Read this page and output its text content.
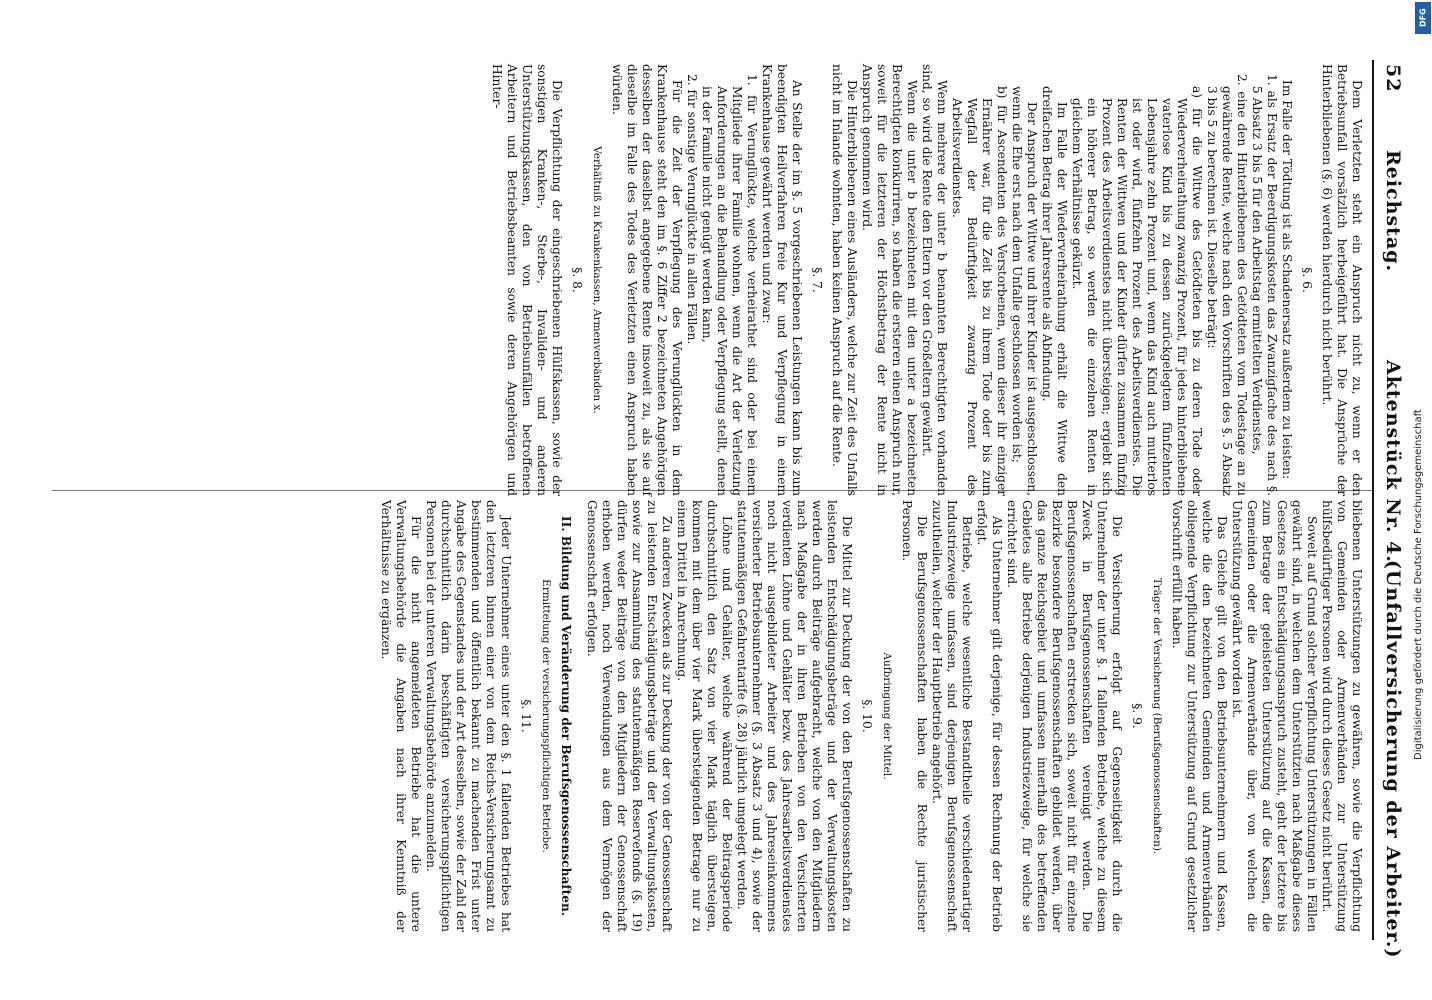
52
Reichstag.
Aktenstück Nr. 4.
(Unfallversicherung der Arbeiter.)

Dem Verletzten steht ein Anspruch nicht zu, wenn er den Betriebsunfall vorsätzlich herbeigeführt hat. Die Ansprüche der Hinterbliebenen (§. 6) werden hierdurch nicht berührt.

§. 6.

Im Falle der Tödtung ist als Schadenersatz außerdem zu leisten:

1. als Ersatz der Beerdigungskosten das Zwanzigfache des nach §. 5 Absatz 3 bis 5 für den Arbeitstag ermittelten Verdienstes,

2. eine den Hinterbliebenen des Getödteten vom Todestage an zu gewährende Rente, welche nach den Vorschriften des §. 5 Absatz 3 bis 5 zu berechnen ist. Dieselbe beträgt:

a) für die Wittwe des Getödteten bis zu deren Tode oder Wiederverheirathung zwanzig Prozent, für jedes hinterbliebene vaterlose Kind bis zu dessen zurückgelegtem fünfzehnten Lebensjahre zehn Prozent und, wenn das Kind auch mutterlos ist oder wird, fünfzehn Prozent des Arbeitsverdienstes. Die Renten der Wittwen und der Kinder dürfen zusammen fünfzig Prozent des Arbeitsverdienstes nicht übersteigen; ergiebt sich ein höherer Betrag, so werden die einzelnen Renten in gleichem Verhältnisse gekürzt.

Im Falle der Wiederverheirathung erhält die Wittwe den dreifachen Betrag ihrer Jahresrente als Abfindung.

Der Anspruch der Wittwe und ihrer Kinder ist ausgeschlossen, wenn die Ehe erst nach dem Unfalle geschlossen worden ist;

b) für Ascendenten des Verstorbenen, wenn dieser ihr einziger Ernährer war, für die Zeit bis zu ihrem Tode oder bis zum Wegfall der Bedürftigkeit zwanzig Prozent des Arbeitsverdienstes.

Wenn mehrere der unter b benannten Berechtigten vorhanden sind, so wird die Rente den Eltern vor den Großeltern gewährt.

Wenn die unter b bezeichneten mit den unter a bezeichneten Berechtigten konkurriren, so haben die ersteren einen Anspruch nur, soweit für die letzteren der Höchstbetrag der Rente nicht in Anspruch genommen wird.

Die Hinterbliebenen eines Ausländers, welche zur Zeit des Unfalls nicht im Inlande wohnten, haben keinen Anspruch auf die Rente.

§. 7.

An Stelle der im §. 5 vorgeschriebenen Leistungen kann bis zum beendigten Heilverfahren freie Kur und Verpflegung in einem Krankenhause gewährt werden und zwar:

1. für Verunglückte, welche verheirathet sind oder bei einem Mitgliede ihrer Familie wohnen, wenn die Art der Verletzung Anforderungen an die Behandlung oder Verpflegung stellt, denen in der Familie nicht genügt werden kann,

2. für sonstige Verunglückte in allen Fällen.

Für die Zeit der Verpflegung des Verunglückten in dem Krankenhause steht den im §. 6 Ziffer 2 bezeichneten Angehörigen desselben der daselbst angegebene Rente insoweit zu, als sie auf dieselbe im Falle des Todes des Verletzten einen Anspruch haben würden.

Verhältniß zu Krankenkassen, Armenverbänden x.

§. 8.

Die Verpflichtung der eingeschriebenen Hülfskassen, sowie der sonstigen Kranken-, Sterbe-, Invaliden- und anderen Unterstützungskassen, den von Betriebsunfällen betroffenen Arbeitern und Betriebsbeamten sowie deren Angehörigen und Hinter-

bliebenen Unterstützungen zu gewähren, sowie die Verpflichtung von Gemeinden oder Armenverbänden zur Unterstützung hülfsbedürftiger Personen wird durch dieses Gesetz nicht berührt.

Soweit auf Grund solcher Verpflichtung Unterstützungen in Fällen gewährt sind, in welchen dem Unterstützten nach Maßgabe dieses Gesetzes ein Entschädigungsanspruch zusteht, geht der letztere bis zum Betrage der geleisteten Unterstützung auf die Kassen, die Gemeinden oder die Armenverbände über, von welchen die Unterstützung gewährt worden ist.

Das Gleiche gilt von den Betriebsunternehmern und Kassen, welche die den bezeichneten Gemeinden und Armenverbänden obliegende Verpflichtung zur Unterstützung auf Grund gesetzlicher Vorschrift erfüllt haben.

Träger der Versicherung (Berufsgenossenschaften).

§. 9.

Die Versicherung erfolgt auf Gegenseitigkeit durch die Unternehmer der unter §. 1 fallenden Betriebe, welche zu diesem Zweck in Berufsgenossenschaften vereinigt werden. Die Berufsgenossenschaften erstrecken sich, soweit nicht für einzelne Bezirke besondere Berufsgenossenschaften gebildet werden, über das ganze Reichsgebiet und umfassen innerhalb des betreffenden Gebietes alle Betriebe derjenigen Industriezweige, für welche sie errichtet sind.

Als Unternehmer gilt derjenige, für dessen Rechnung der Betrieb erfolgt.

Betriebe, welche wesentliche Bestandtheile verschiedenartiger Industriezweige umfassen, sind derjenigen Berufsgenossenschaft zuzutheilen, welcher der Hauptbetrieb angehört.

Die Berufsgenossenschaften haben die Rechte juristischer Personen.

Aufbringung der Mittel.

§. 10.

Die Mittel zur Deckung der von den Berufsgenossenschaften zu leistenden Entschädigungsbeträge und der Verwaltungskosten werden durch Beiträge aufgebracht, welche von den Mitgliedern nach Maßgabe der in ihren Betrieben von den Versicherten verdienten Löhne und Gehälter bezw. des Jahresarbeitsverdienstes noch nicht ausgebildeter Arbeiter und des Jahreseinkommens versicherter Betriebsunternehmer (§. 3 Absatz 3 und 4), sowie der statutenmäßigen Gefahrentarife (§. 28) jährlich umgelegt werden.

Löhne und Gehälter, welche während der Beitragsperiode durchschnittlich den Satz von vier Mark täglich übersteigen, kommen mit dem über vier Mark übersteigenden Betrage nur zu einem Drittel in Anrechnung.

Zu anderen Zwecken als zur Deckung der von der Genossenschaft zu leistenden Entschädigungsbeträge und der Verwaltungskosten, sowie zur Ansammlung des statutenmäßigen Reservefonds (§. 19) dürfen weder Beiträge von den Mitgliedern der Genossenschaft erhoben werden, noch Verwendungen aus dem Vermögen der Genossenschaft erfolgen.

II. Bildung und Veränderung der Berufsgenossenschaften.

Ermittelung der versicherungspflichtigen Betriebe.

§. 11.

Jeder Unternehmer eines unter den §. 1 fallenden Betriebes hat den letzteren binnen einer von dem Reichs-Versicherungsamt zu bestimmenden und öffentlich bekannt zu machenden Frist unter Angabe des Gegenstandes und der Art desselben, sowie der Zahl der durchschnittlich darin beschäftigten versicherungspflichtigen Personen bei der unteren Verwaltungsbehörde anzumelden.

Für die nicht angemeldeten Betriebe hat die untere Verwaltungsbehörde die Angaben nach ihrer Kenntniß der Verhältnisse zu ergänzen.

DFG
Digitalisierung gefördert durch die Deutsche Forschungsgemeinschaft
